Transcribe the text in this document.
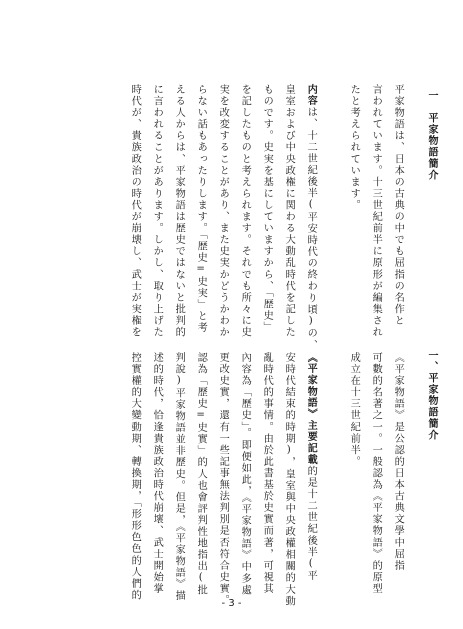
一　平家物語簡介
平家物語は、日本の古典の中でも屈指の名作と
言われています。十三世紀前半に原形が編集され
たと考えられています。
内容は、十二世紀後半(平安時代の終わり頃)の、
皇室および中央政権に関わる大動乱時代を記した
ものです。史実を基にしていますから、「歴史」
を記したものと考えられます。それでも所々に史
実を改変することがあり、また史実かどうかわか
らない話もあったりします。「歴史=史実」と考
える人からは、平家物語は歴史ではないと批判的
に言われることがあります。しかし、取り上げた
時代が、貴族政治の時代が崩壊し、武士が実権を
一、平家物語簡介
《平家物語》是公認的日本古典文學中屈指
可數的名著之一。一般認為《平家物語》的原型
成立在十三世紀前半。
《平家物語》主要記載的是十二世紀後半(平
安時代結束的時期)，皇室與中央政權相關的大動
亂時代的事情。由於此書基於史實而著，可視其
內容為「歷史」。即便如此，《平家物語》中多處
更改史實，還有一些記事無法判別是否符合史實。
認為「歷史=史實」的人也會評判性地指出(批
判說)平家物語並非歷史。但是，《平家物語》描
述的時代，恰逢貴族政治時代崩壞、武士開始掌
控實權的大變動期、轉換期，「形形色色的人們的
- 3 -
